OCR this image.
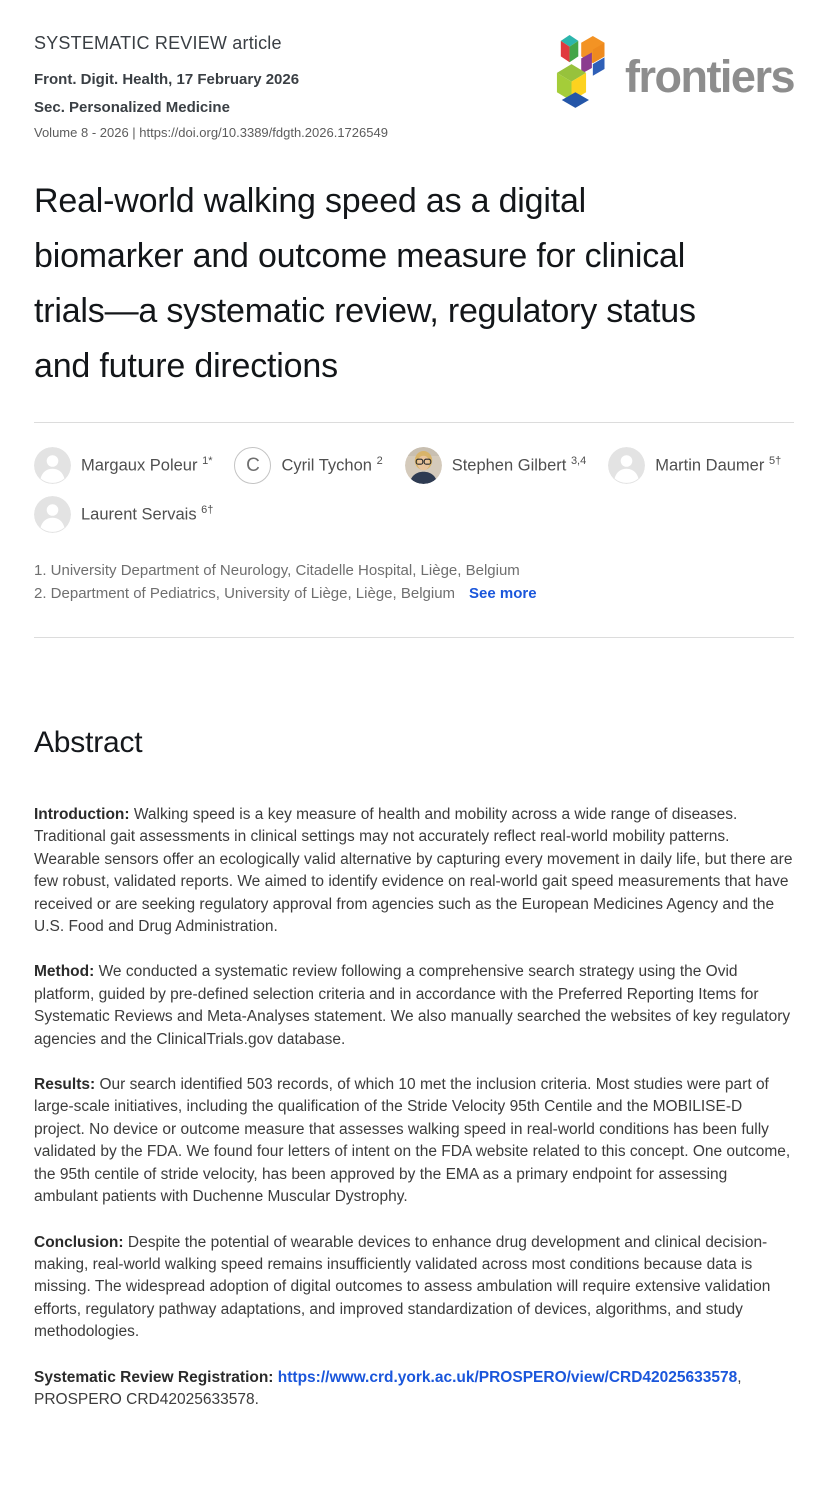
SYSTEMATIC REVIEW article
Front. Digit. Health, 17 February 2026
Sec. Personalized Medicine
Volume 8 - 2026 | https://doi.org/10.3389/fdgth.2026.1726549
frontiers
Real-world walking speed as a digital biomarker and outcome measure for clinical trials—a systematic review, regulatory status and future directions
Margaux Poleur $^{1*}$	C	Cyril Tychon $^2$	Stephen Gilbert $^{3,4}$	Martin Daumer $^{5\dagger}$
Laurent Servais $^{6\dagger}$
1. University Department of Neurology, Citadelle Hospital, Liège, Belgium
2. Department of Pediatrics, University of Liège, Liège, Belgium See more
Abstract

Introduction: Walking speed is a key measure of health and mobility across a wide range of diseases. Traditional gait assessments in clinical settings may not accurately reflect real-world mobility patterns. Wearable sensors offer an ecologically valid alternative by capturing every movement in daily life, but there are few robust, validated reports. We aimed to identify evidence on real-world gait speed measurements that have received or are seeking regulatory approval from agencies such as the European Medicines Agency and the U.S. Food and Drug Administration.

Method: We conducted a systematic review following a comprehensive search strategy using the Ovid platform, guided by pre-defined selection criteria and in accordance with the Preferred Reporting Items for Systematic Reviews and Meta-Analyses statement. We also manually searched the websites of key regulatory agencies and the ClinicalTrials.gov database.

Results: Our search identified 503 records, of which 10 met the inclusion criteria. Most studies were part of large-scale initiatives, including the qualification of the Stride Velocity 95th Centile and the MOBILISE-D project. No device or outcome measure that assesses walking speed in real-world conditions has been fully validated by the FDA. We found four letters of intent on the FDA website related to this concept. One outcome, the 95th centile of stride velocity, has been approved by the EMA as a primary endpoint for assessing ambulant patients with Duchenne Muscular Dystrophy.

Conclusion: Despite the potential of wearable devices to enhance drug development and clinical decision-making, real-world walking speed remains insufficiently validated across most conditions because data is missing. The widespread adoption of digital outcomes to assess ambulation will require extensive validation efforts, regulatory pathway adaptations, and improved standardization of devices, algorithms, and study methodologies.

Systematic Review Registration: https://www.crd.york.ac.uk/PROSPERO/view/CRD42025633578, PROSPERO CRD42025633578.
